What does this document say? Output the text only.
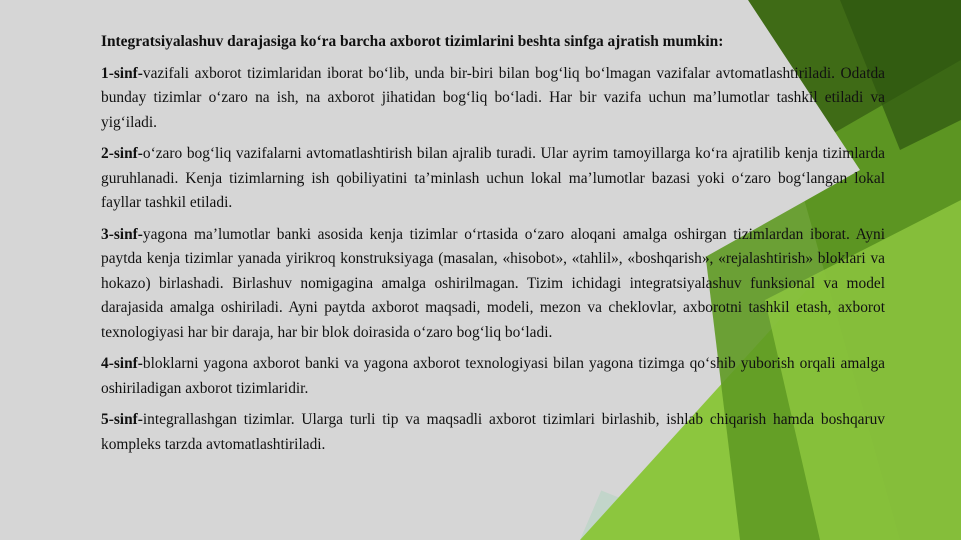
Integratsiyalashuv darajasiga ko‘ra barcha axborot tizimlarini beshta sinfga ajratish mumkin:

1-sinf-vazifali axborot tizimlaridan iborat bo‘lib, unda bir-biri bilan bog‘liq bo‘lmagan vazifalar avtomatlashtiriladi. Odatda bunday tizimlar o‘zaro na ish, na axborot jihatidan bog‘liq bo‘ladi. Har bir vazifa uchun ma’lumotlar tashkil etiladi va yig‘iladi.

2-sinf-o‘zaro bog‘liq vazifalarni avtomatlashtirish bilan ajralib turadi. Ular ayrim tamoyillarga ko‘ra ajratilib kenja tizimlarda guruhlanadi. Kenja tizimlarning ish qobiliyatini ta’minlash uchun lokal ma’lumotlar bazasi yoki o‘zaro bog‘langan lokal fayllar tashkil etiladi.

3-sinf-yagona ma’lumotlar banki asosida kenja tizimlar o‘rtasida o‘zaro aloqani amalga oshirgan tizimlardan iborat. Ayni paytda kenja tizimlar yanada yirikroq konstruksiyaga (masalan, «hisobot», «tahlil», «boshqarish», «rejalashtirish» bloklari va hokazo) birlashadi. Birlashuv nomigagina amalga oshirilmagan. Tizim ichidagi integratsiyalashuv funksional va model darajasida amalga oshiriladi. Ayni paytda axborot maqsadi, modeli, mezon va cheklovlar, axborotni tashkil etash, axborot texnologiyasi har bir daraja, har bir blok doirasida o‘zaro bog‘liq bo‘ladi.

4-sinf-bloklarni yagona axborot banki va yagona axborot texnologiyasi bilan yagona tizimga qo‘shib yuborish orqali amalga oshiriladigan axborot tizimlaridir.

5-sinf-integrallashgan tizimlar. Ularga turli tip va maqsadli axborot tizimlari birlashib, ishlab chiqarish hamda boshqaruv kompleks tarzda avtomatlashtiriladi.
